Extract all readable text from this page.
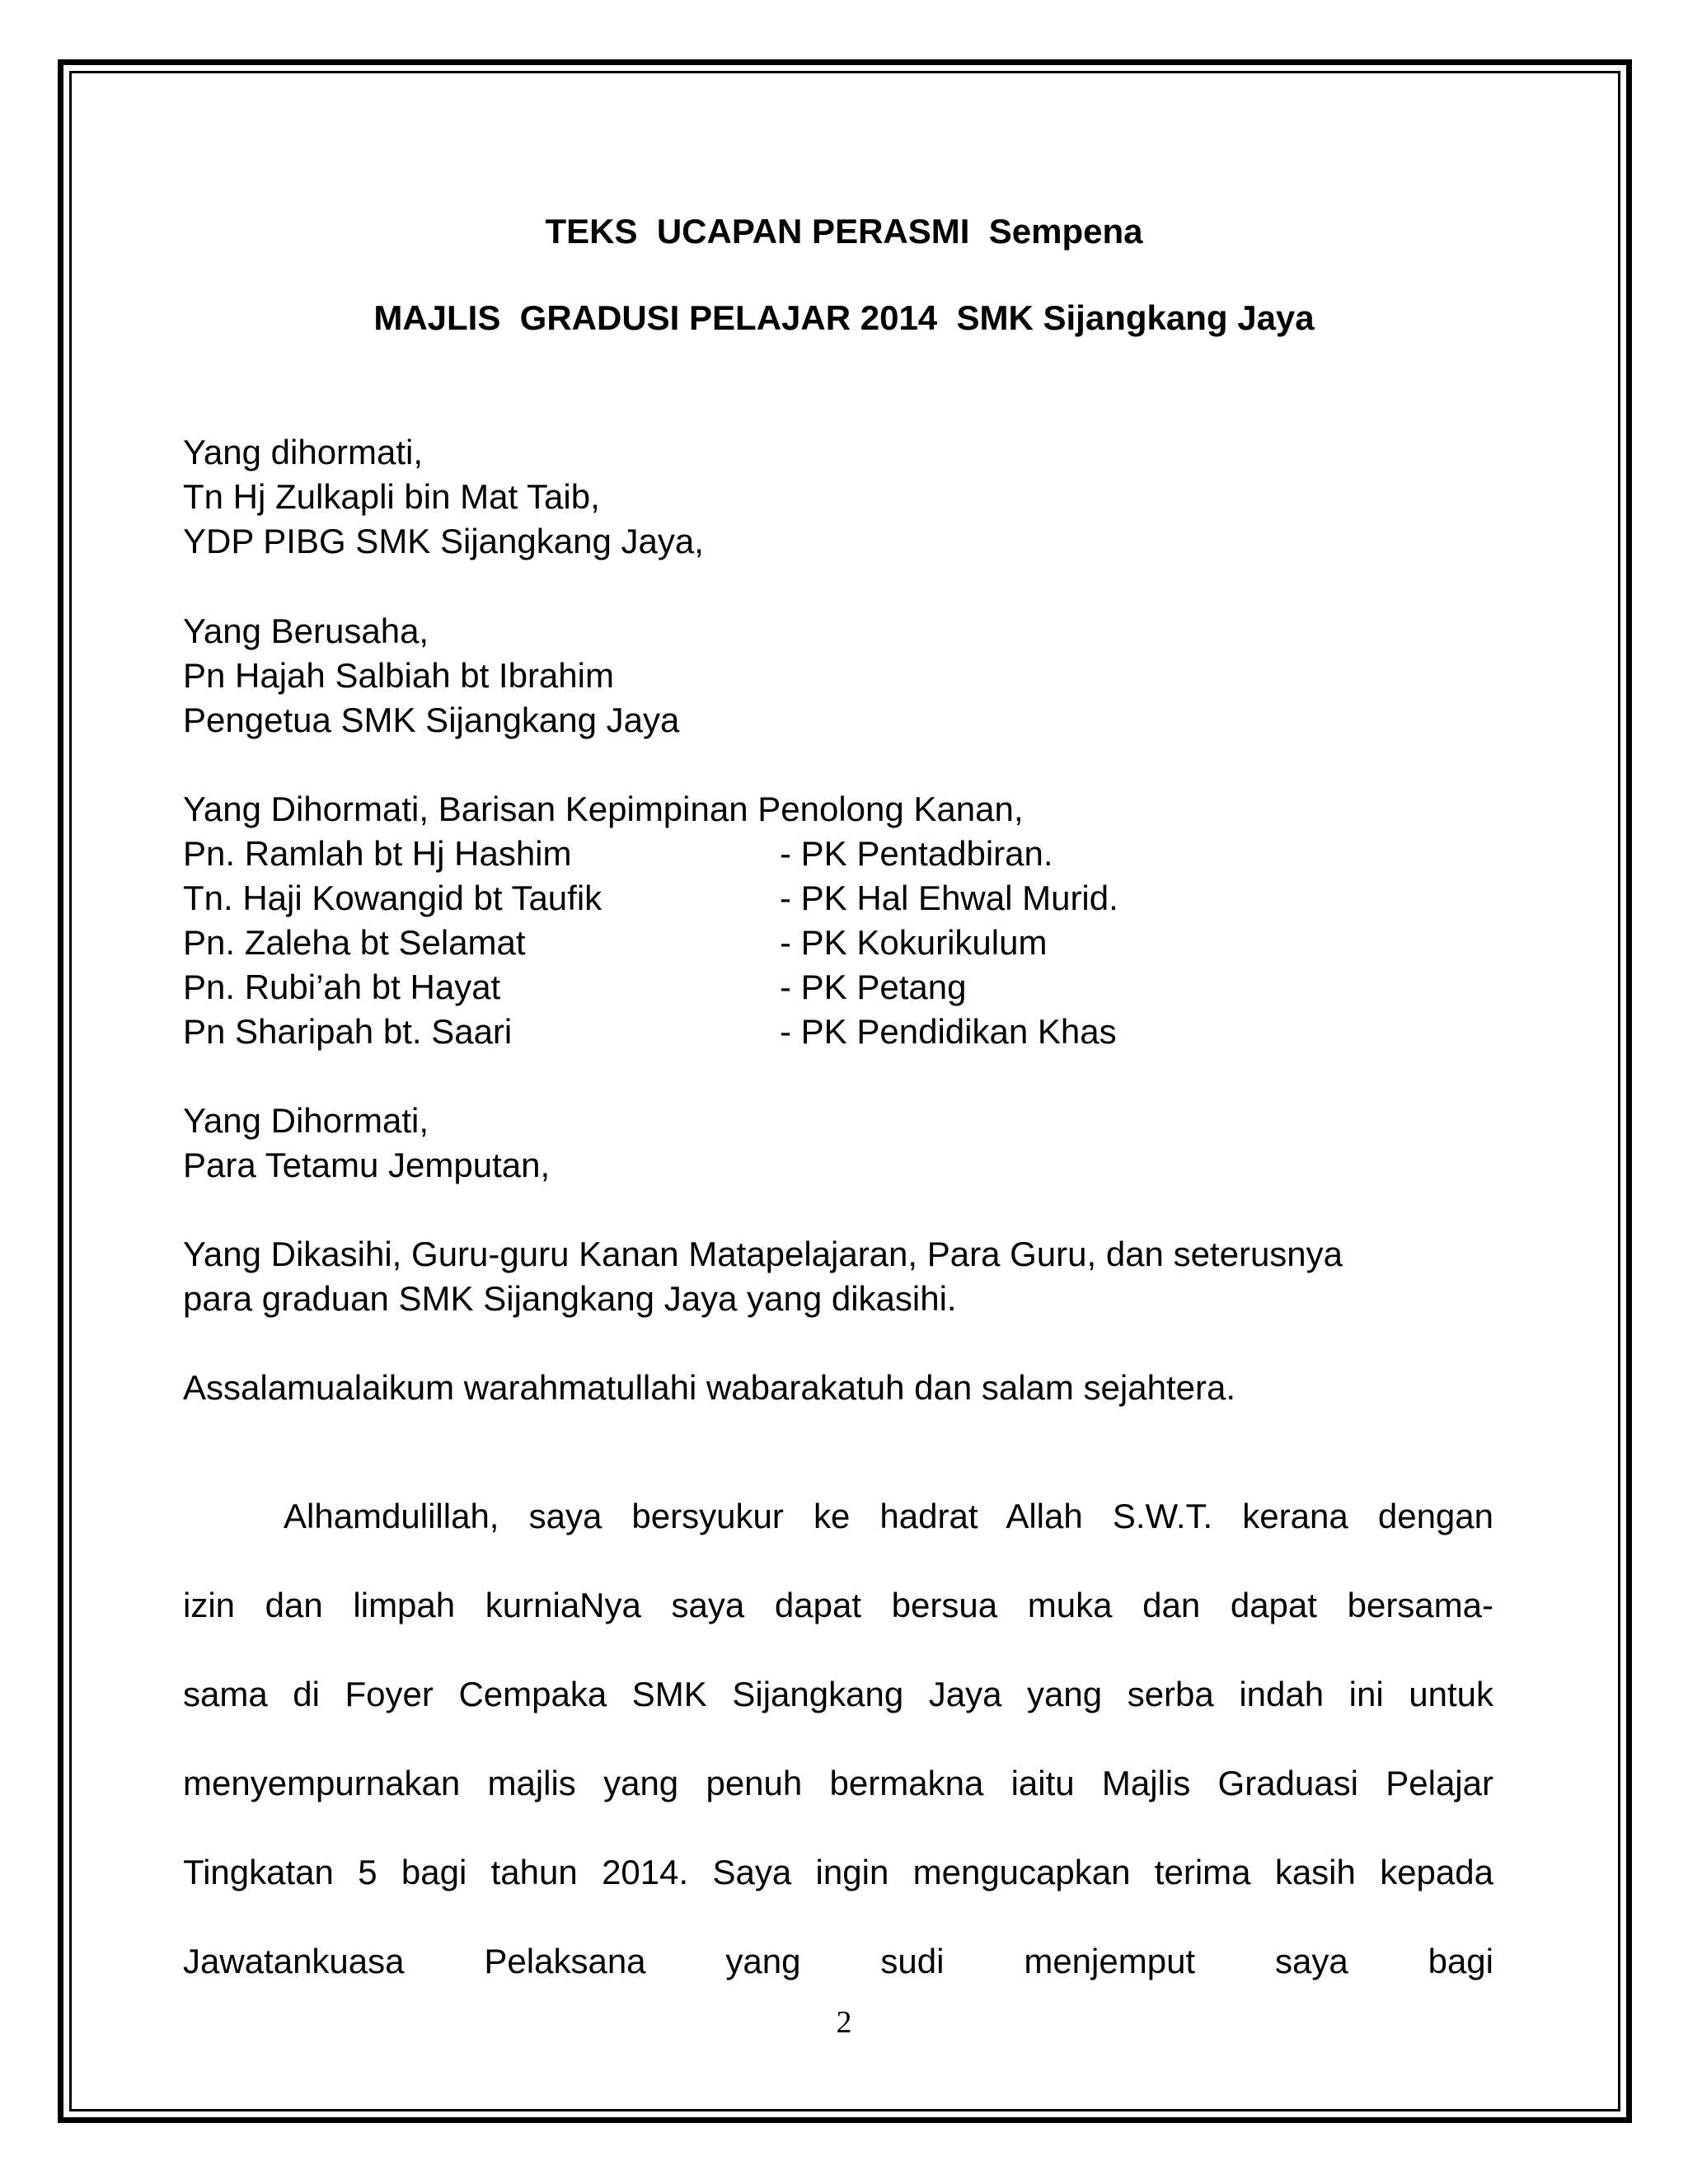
TEKS  UCAPAN PERASMI  Sempena
MAJLIS  GRADUSI PELAJAR 2014  SMK Sijangkang Jaya
Yang dihormati,
Tn Hj Zulkapli bin Mat Taib,
YDP PIBG SMK Sijangkang Jaya,
Yang Berusaha,
Pn Hajah Salbiah bt Ibrahim
Pengetua SMK Sijangkang Jaya
Yang Dihormati, Barisan Kepimpinan Penolong Kanan,
Pn. Ramlah bt Hj Hashim	- PK Pentadbiran.
Tn. Haji Kowangid bt Taufik	- PK Hal Ehwal Murid.
Pn. Zaleha bt Selamat	- PK Kokurikulum
Pn. Rubi’ah bt Hayat	- PK Petang
Pn Sharipah bt. Saari	- PK Pendidikan Khas
Yang Dihormati,
Para Tetamu Jemputan,
Yang Dikasihi, Guru-guru Kanan Matapelajaran, Para Guru, dan seterusnya
para graduan SMK Sijangkang Jaya yang dikasihi.
Assalamualaikum warahmatullahi wabarakatuh dan salam sejahtera.
Alhamdulillah, saya bersyukur ke hadrat Allah S.W.T. kerana dengan
izin dan limpah kurniaNya saya dapat bersua muka dan dapat bersama-
sama di Foyer Cempaka SMK Sijangkang Jaya yang serba indah ini untuk
menyempurnakan majlis yang penuh bermakna iaitu Majlis Graduasi Pelajar
Tingkatan 5 bagi tahun 2014. Saya ingin mengucapkan terima kasih kepada
Jawatankuasa Pelaksana yang sudi menjemput saya bagi
2
